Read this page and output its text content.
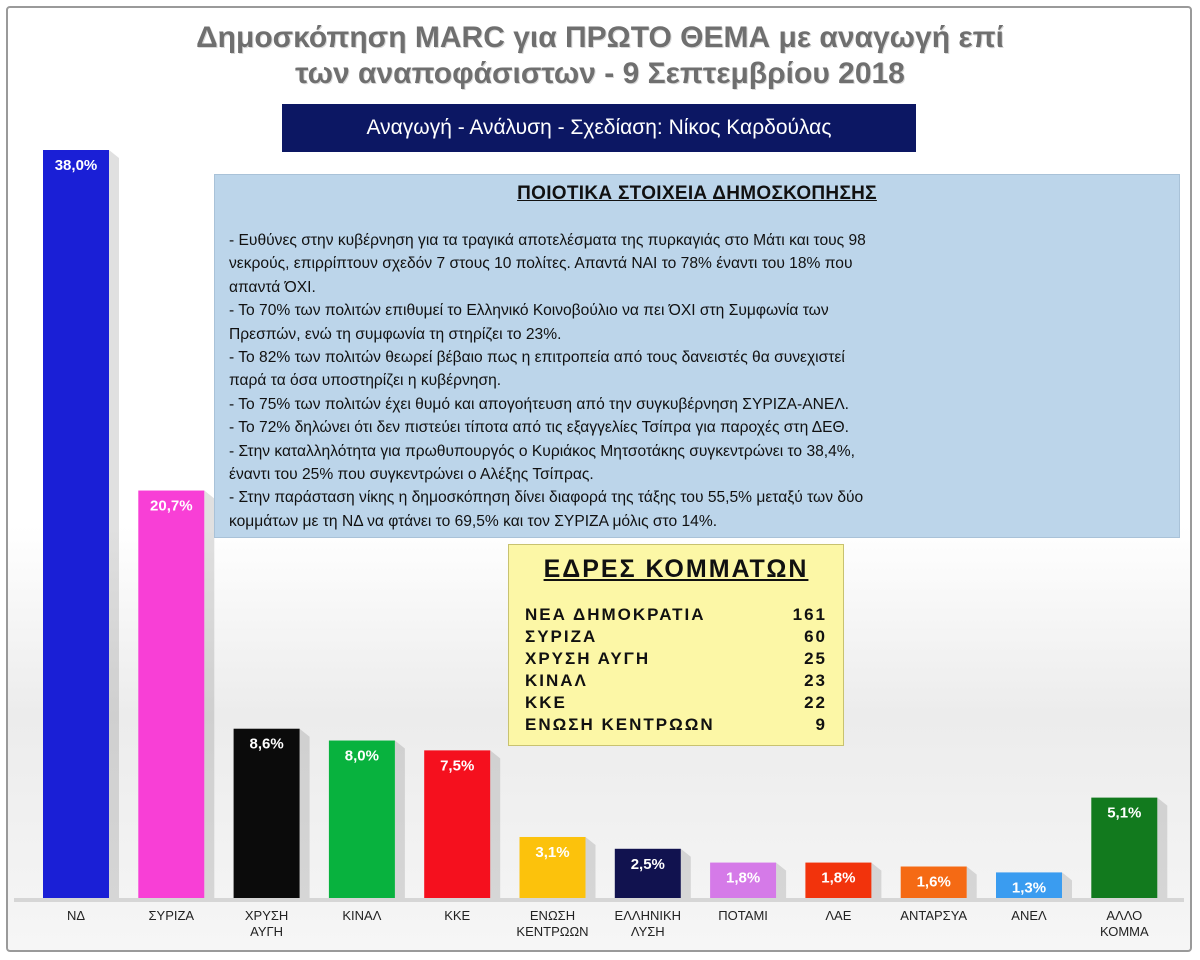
Δημοσκόπηση MARC για ΠΡΩΤΟ ΘΕΜΑ με αναγωγή επί
των αναποφάσιστων - 9 Σεπτεμβρίου 2018
Αναγωγή - Ανάλυση - Σχεδίαση: Νίκος Καρδούλας
38,0%
ΝΔ
20,7%
ΣΥΡΙΖΑ
8,6%
ΧΡΥΣΗ
ΑΥΓΗ
8,0%
ΚΙΝΑΛ
7,5%
ΚΚΕ
3,1%
ΕΝΩΣΗ
ΚΕΝΤΡΩΩΝ
2,5%
ΕΛΛΗΝΙΚΗ
ΛΥΣΗ
1,8%
ΠΟΤΑΜΙ
1,8%
ΛΑΕ
1,6%
ΑΝΤΑΡΣΥΑ
1,3%
ΑΝΕΛ
5,1%
ΑΛΛΟ
ΚΟΜΜΑ
ΠΟΙΟΤΙΚΑ ΣΤΟΙΧΕΙΑ ΔΗΜΟΣΚΟΠΗΣΗΣ
- Ευθύνες στην κυβέρνηση για τα τραγικά αποτελέσματα της πυρκαγιάς στο Μάτι και τους 98
νεκρούς, επιρρίπτουν σχεδόν 7 στους 10 πολίτες. Απαντά ΝΑΙ το 78% έναντι του 18% που
απαντά ΌΧΙ.
- Το 70% των πολιτών επιθυμεί το Ελληνικό Κοινοβούλιο να πει ΌΧΙ στη Συμφωνία των
Πρεσπών, ενώ τη συμφωνία τη στηρίζει το 23%.
- Το 82% των πολιτών θεωρεί βέβαιο πως η επιτροπεία από τους δανειστές θα συνεχιστεί
παρά τα όσα υποστηρίζει η κυβέρνηση.
- Το 75% των πολιτών έχει θυμό και απογοήτευση από την συγκυβέρνηση ΣΥΡΙΖΑ-ΑΝΕΛ.
- Το 72% δηλώνει ότι δεν πιστεύει τίποτα από τις εξαγγελίες Τσίπρα για παροχές στη ΔΕΘ.
- Στην καταλληλότητα για πρωθυπουργός ο Κυριάκος Μητσοτάκης συγκεντρώνει το 38,4%,
έναντι του 25% που συγκεντρώνει ο Αλέξης Τσίπρας.
- Στην παράσταση νίκης η δημοσκόπηση δίνει διαφορά της τάξης του 55,5% μεταξύ των δύο
κομμάτων με τη ΝΔ να φτάνει το 69,5% και τον ΣΥΡΙΖΑ μόλις στο 14%.
ΕΔΡΕΣ ΚΟΜΜΑΤΩΝ
ΝΕΑ ΔΗΜΟΚΡΑΤΙΑ	161
ΣΥΡΙΖΑ	60
ΧΡΥΣΗ ΑΥΓΗ	25
ΚΙΝΑΛ	23
ΚΚΕ	22
ΕΝΩΣΗ ΚΕΝΤΡΩΩΝ	9
